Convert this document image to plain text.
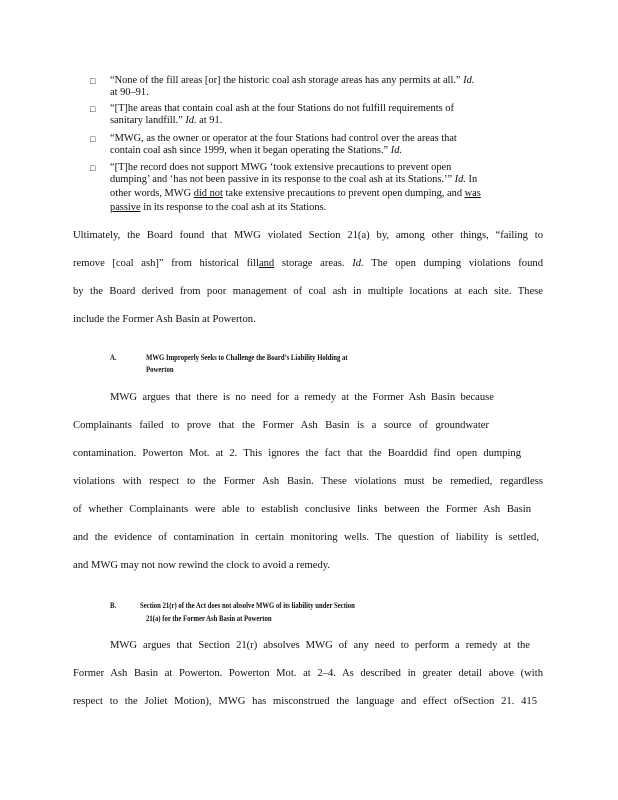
□ “None of the fill areas [or] the historic coal ash storage areas has any permits at all.” Id.
at 90–91.
□ “[T]he areas that contain coal ash at the four Stations do not fulfill requirements of
sanitary landfill.” Id. at 91.
□ “MWG, as the owner or operator at the four Stations had control over the areas that
contain coal ash since 1999, when it began operating the Stations.” Id.
□ “[T]he record does not support MWG ‘took extensive precautions to prevent open
dumping’ and ‘has not been passive in its response to the coal ash at its Stations.’” Id. In
other words, MWG did not take extensive precautions to prevent open dumping, and was
passive in its response to the coal ash at its Stations.
Ultimately, the Board found that MWG violated Section 21(a) by, among other things, “failing to
remove [coal ash]” from historical filland storage areas. Id. The open dumping violations found
by the Board derived from poor management of coal ash in multiple locations at each site. These
include the Former Ash Basin at Powerton.
A.	MWG Improperly Seeks to Challenge the Board’s Liability Holding at
Powerton
MWG argues that there is no need for a remedy at the Former Ash Basin because
Complainants failed to prove that the Former Ash Basin is a source of groundwater
contamination. Powerton Mot. at 2. This ignores the fact that the Boarddid find open dumping
violations with respect to the Former Ash Basin. These violations must be remedied, regardless
of whether Complainants were able to establish conclusive links between the Former Ash Basin
and the evidence of contamination in certain monitoring wells. The question of liability is settled,
and MWG may not now rewind the clock to avoid a remedy.
B.	Section 21(r) of the Act does not absolve MWG of its liability under Section
21(a) for the Former Ash Basin at Powerton
MWG argues that Section 21(r) absolves MWG of any need to perform a remedy at the
Former Ash Basin at Powerton. Powerton Mot. at 2–4. As described in greater detail above (with
respect to the Joliet Motion), MWG has misconstrued the language and effect ofSection 21. 415
